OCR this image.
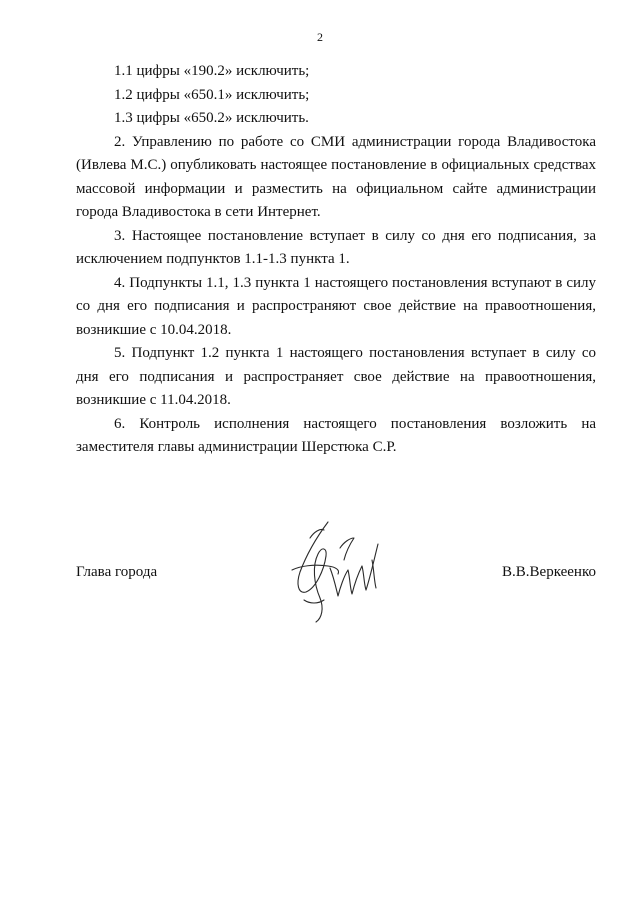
2

1.1 цифры «190.2» исключить;

1.2 цифры «650.1» исключить;

1.3 цифры «650.2» исключить.

2. Управлению по работе со СМИ администрации города Владивостока (Ивлева М.С.) опубликовать настоящее постановление в официальных средствах массовой информации и разместить на официальном сайте администрации города Владивостока в сети Интернет.

3. Настоящее постановление вступает в силу со дня его подписания, за исключением подпунктов 1.1-1.3 пункта 1.

4. Подпункты 1.1, 1.3 пункта 1 настоящего постановления вступают в силу со дня его подписания и распространяют свое действие на правоотношения, возникшие с 10.04.2018.

5. Подпункт 1.2 пункта 1 настоящего постановления вступает в силу со дня его подписания и распространяет свое действие на правоотношения, возникшие с 11.04.2018.

6. Контроль исполнения настоящего постановления возложить на заместителя главы администрации Шерстюка С.Р.

Глава города	В.В.Веркеенко
